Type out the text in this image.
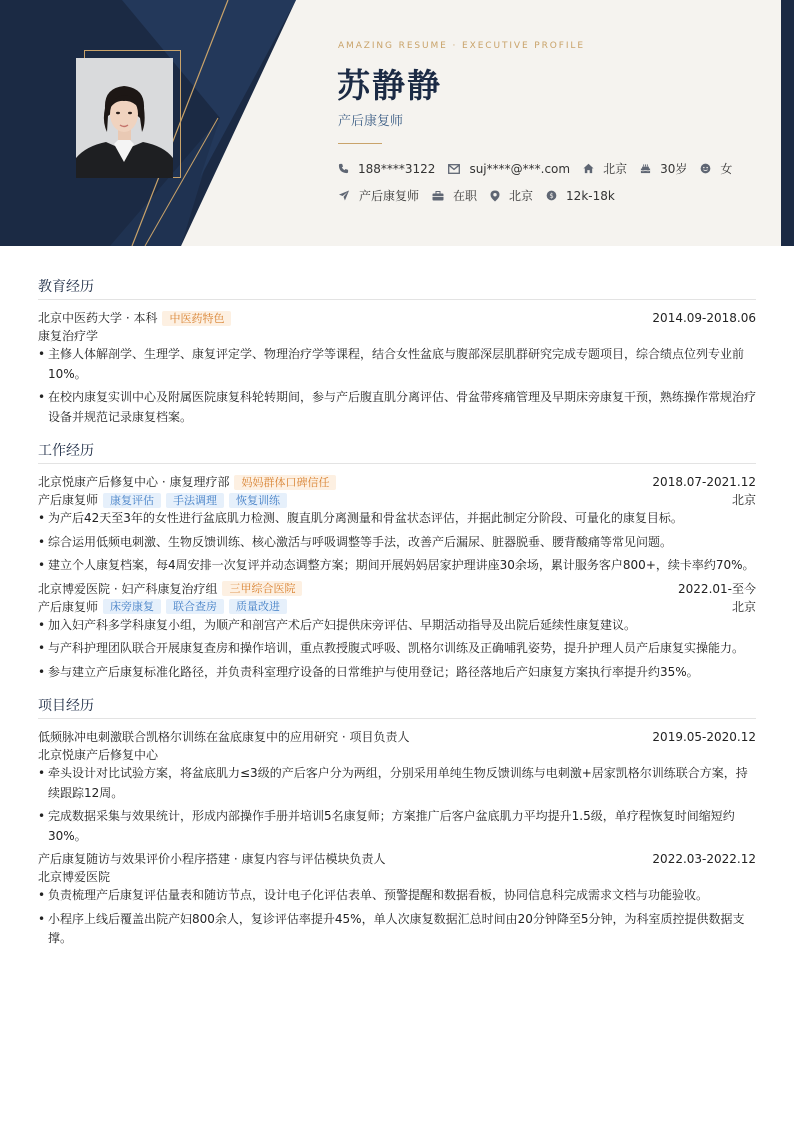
AMAZING RESUME · EXECUTIVE PROFILE
苏静静
产后康复师
188****3122	suj****@***.com	北京	30岁	女
产后康复师	在职	北京 $ 12k-18k
教育经历
北京中医药大学 · 本科	中医药特色	2014.09-2018.06
康复治疗学
• 主修人体解剖学、生理学、康复评定学、物理治疗学等课程，结合女性盆底与腹部深层肌群研究完成专题项目，综合绩点位列专业前10%。
• 在校内康复实训中心及附属医院康复科轮转期间，参与产后腹直肌分离评估、骨盆带疼痛管理及早期床旁康复干预，熟练操作常规治疗设备并规范记录康复档案。
工作经历
北京悦康产后修复中心 · 康复理疗部	妈妈群体口碑信任	2018.07-2021.12
产后康复师	康复评估	手法调理	恢复训练	北京
• 为产后42天至3年的女性进行盆底肌力检测、腹直肌分离测量和骨盆状态评估，并据此制定分阶段、可量化的康复目标。
• 综合运用低频电刺激、生物反馈训练、核心激活与呼吸调整等手法，改善产后漏尿、脏器脱垂、腰背酸痛等常见问题。
• 建立个人康复档案，每4周安排一次复评并动态调整方案；期间开展妈妈居家护理讲座30余场，累计服务客户800+，续卡率约70%。
北京博爱医院 · 妇产科康复治疗组	三甲综合医院	2022.01-至今
产后康复师	床旁康复	联合查房	质量改进	北京
• 加入妇产科多学科康复小组，为顺产和剖宫产术后产妇提供床旁评估、早期活动指导及出院后延续性康复建议。
• 与产科护理团队联合开展康复查房和操作培训，重点教授腹式呼吸、凯格尔训练及正确哺乳姿势，提升护理人员产后康复实操能力。
• 参与建立产后康复标准化路径，并负责科室理疗设备的日常维护与使用登记；路径落地后产妇康复方案执行率提升约35%。
项目经历
低频脉冲电刺激联合凯格尔训练在盆底康复中的应用研究 · 项目负责人	2019.05-2020.12
北京悦康产后修复中心
• 牵头设计对比试验方案，将盆底肌力≤3级的产后客户分为两组，分别采用单纯生物反馈训练与电刺激+居家凯格尔训练联合方案，持续跟踪12周。
• 完成数据采集与效果统计，形成内部操作手册并培训5名康复师；方案推广后客户盆底肌力平均提升1.5级，单疗程恢复时间缩短约30%。
产后康复随访与效果评价小程序搭建 · 康复内容与评估模块负责人	2022.03-2022.12
北京博爱医院
• 负责梳理产后康复评估量表和随访节点，设计电子化评估表单、预警提醒和数据看板，协同信息科完成需求文档与功能验收。
• 小程序上线后覆盖出院产妇800余人，复诊评估率提升45%，单人次康复数据汇总时间由20分钟降至5分钟，为科室质控提供数据支撑。
